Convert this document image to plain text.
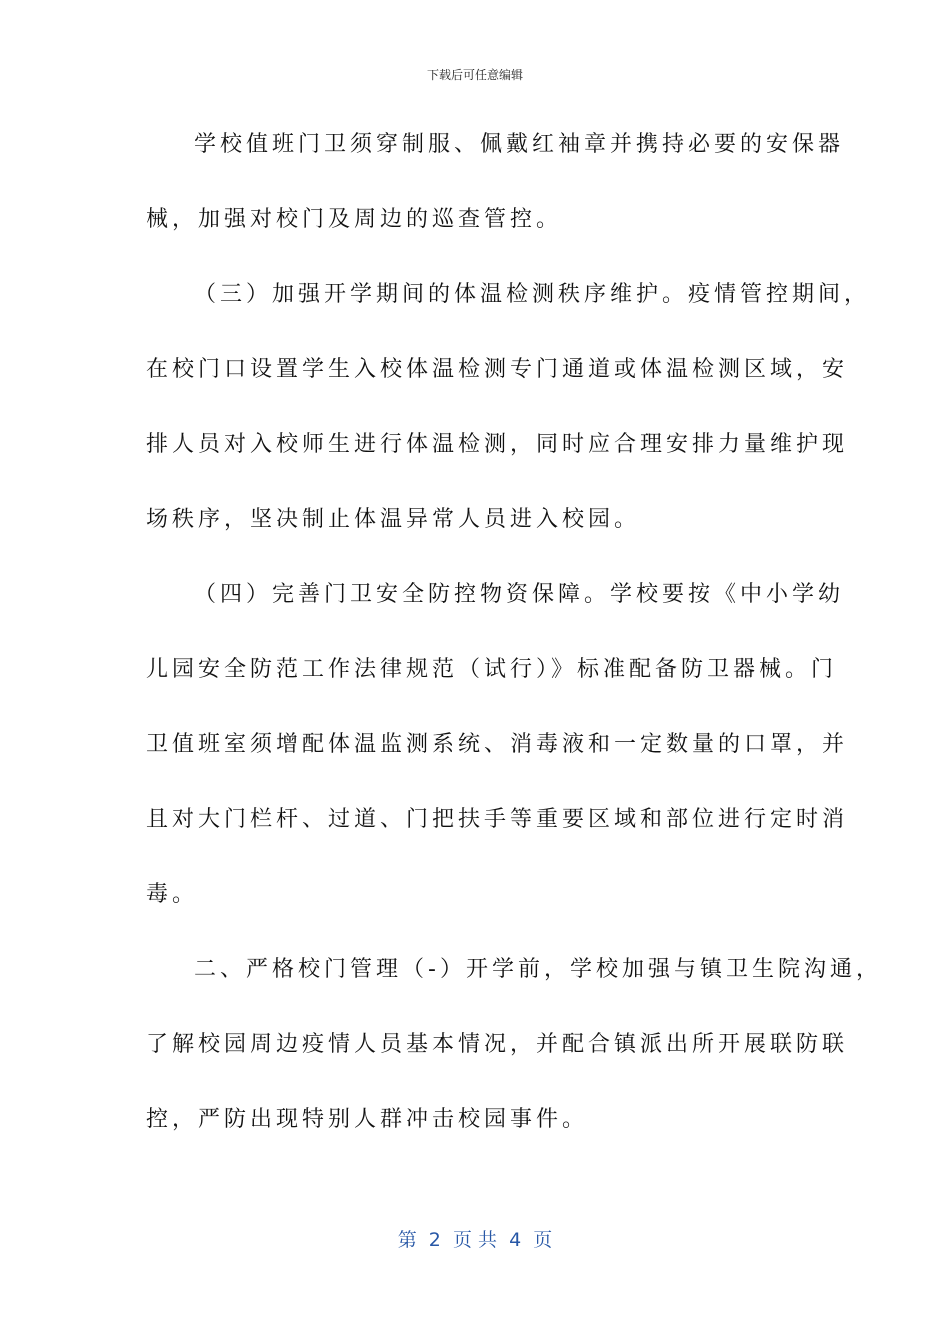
下载后可任意编辑
学校值班门卫须穿制服、佩戴红袖章并携持必要的安保器
械，加强对校门及周边的巡查管控。
（三）加强开学期间的体温检测秩序维护。疫情管控期间，
在校门口设置学生入校体温检测专门通道或体温检测区域，安
排人员对入校师生进行体温检测，同时应合理安排力量维护现
场秩序，坚决制止体温异常人员进入校园。
（四）完善门卫安全防控物资保障。学校要按《中小学幼
儿园安全防范工作法律规范（试行）》标准配备防卫器械。门
卫值班室须增配体温监测系统、消毒液和一定数量的口罩，并
且对大门栏杆、过道、门把扶手等重要区域和部位进行定时消
毒。
二、严格校门管理（-）开学前，学校加强与镇卫生院沟通，
了解校园周边疫情人员基本情况，并配合镇派出所开展联防联
控，严防出现特别人群冲击校园事件。
第  2  页 共  4  页
